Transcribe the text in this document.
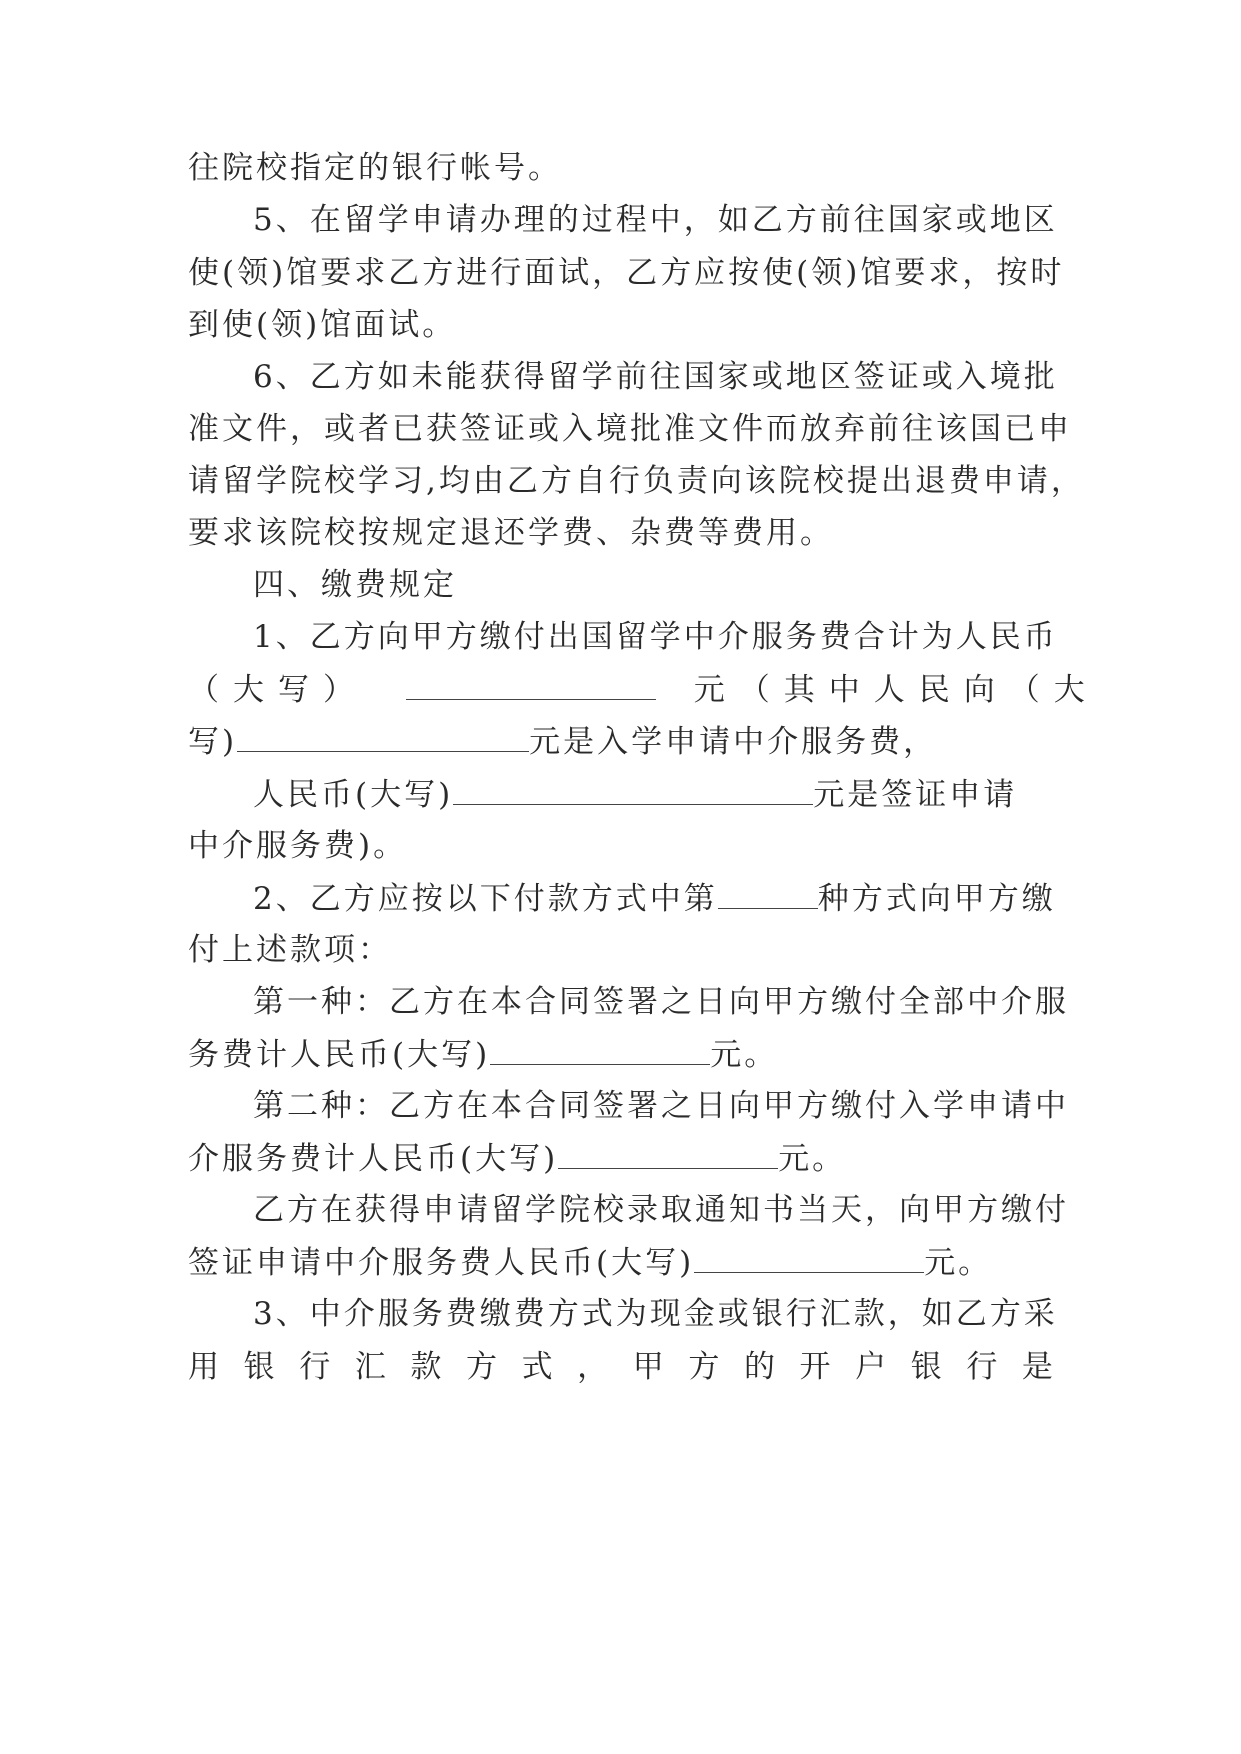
往院校指定的银行帐号。
5、在留学申请办理的过程中，如乙方前往国家或地区
使(领)馆要求乙方进行面试，乙方应按使(领)馆要求，按时
到使(领)馆面试。
6、乙方如未能获得留学前往国家或地区签证或入境批
准文件，或者已获签证或入境批准文件而放弃前往该国已申
请留学院校学习,均由乙方自行负责向该院校提出退费申请，
要求该院校按规定退还学费、杂费等费用。
四、缴费规定
1、乙方向甲方缴付出国留学中介服务费合计为人民币
（大写）	元（其中人民向（大
写)	元是入学申请中介服务费，
人民币(大写)	元是签证申请
中介服务费)。
2、乙方应按以下付款方式中第	种方式向甲方缴
付上述款项：
第一种：乙方在本合同签署之日向甲方缴付全部中介服
务费计人民币(大写)	元。
第二种：乙方在本合同签署之日向甲方缴付入学申请中
介服务费计人民币(大写)	元。
乙方在获得申请留学院校录取通知书当天，向甲方缴付
签证申请中介服务费人民币(大写)	元。
3、中介服务费缴费方式为现金或银行汇款，如乙方采
用 银 行 汇 款 方 式 ， 甲 方 的 开 户 银 行 是
